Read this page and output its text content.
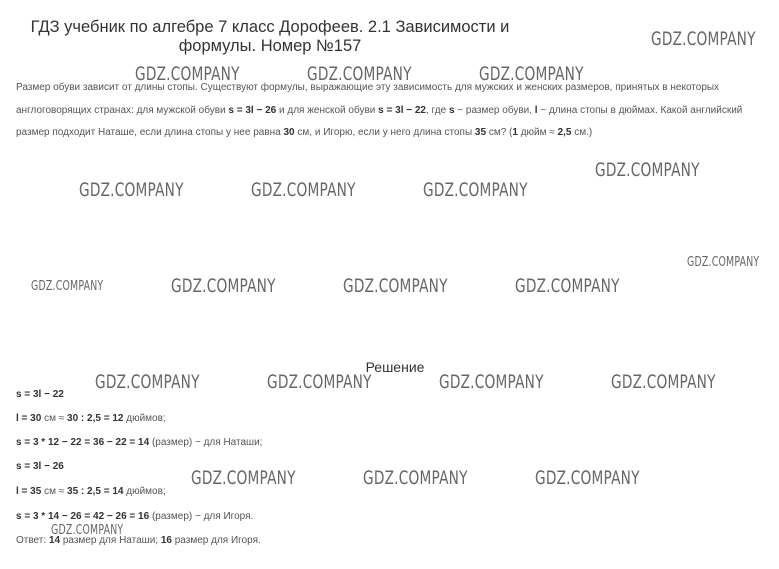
ГДЗ учебник по алгебре 7 класс Дорофеев. 2.1 Зависимости и
формулы. Номер №157
Размер обуви зависит от длины стопы. Существуют формулы, выражающие эту зависимость для мужских и женских размеров, принятых в некоторых англоговорящих странах: для мужской обуви s = 3l − 26 и для женской обуви s = 3l − 22, где s − размер обуви, l − длина стопы в дюймах. Какой английский размер подходит Наташе, если длина стопы у нее равна 30 см, и Игорю, если у него длина стопы 35 см? (1 дюйм ≈ 2,5 см.)
Решение
s = 3l − 22
l = 30 см ≈ 30 : 2,5 = 12 дюймов;
s = 3 * 12 − 22 = 36 − 22 = 14 (размер) − для Наташи;
s = 3l − 26
l = 35 см ≈ 35 : 2,5 = 14 дюймов;
s = 3 * 14 − 26 = 42 − 26 = 16 (размер) − для Игоря.
Ответ: 14 размер для Наташи; 16 размер для Игоря.
GDZ.COMPANY
GDZ.COMPANY	GDZ.COMPANY	GDZ.COMPANY
GDZ.COMPANY
GDZ.COMPANY	GDZ.COMPANY	GDZ.COMPANY
GDZ.COMPANY
GDZ.COMPANY	GDZ.COMPANY	GDZ.COMPANY	GDZ.COMPANY
GDZ.COMPANY	GDZ.COMPANY	GDZ.COMPANY	GDZ.COMPANY
GDZ.COMPANY	GDZ.COMPANY	GDZ.COMPANY
GDZ.COMPANY
